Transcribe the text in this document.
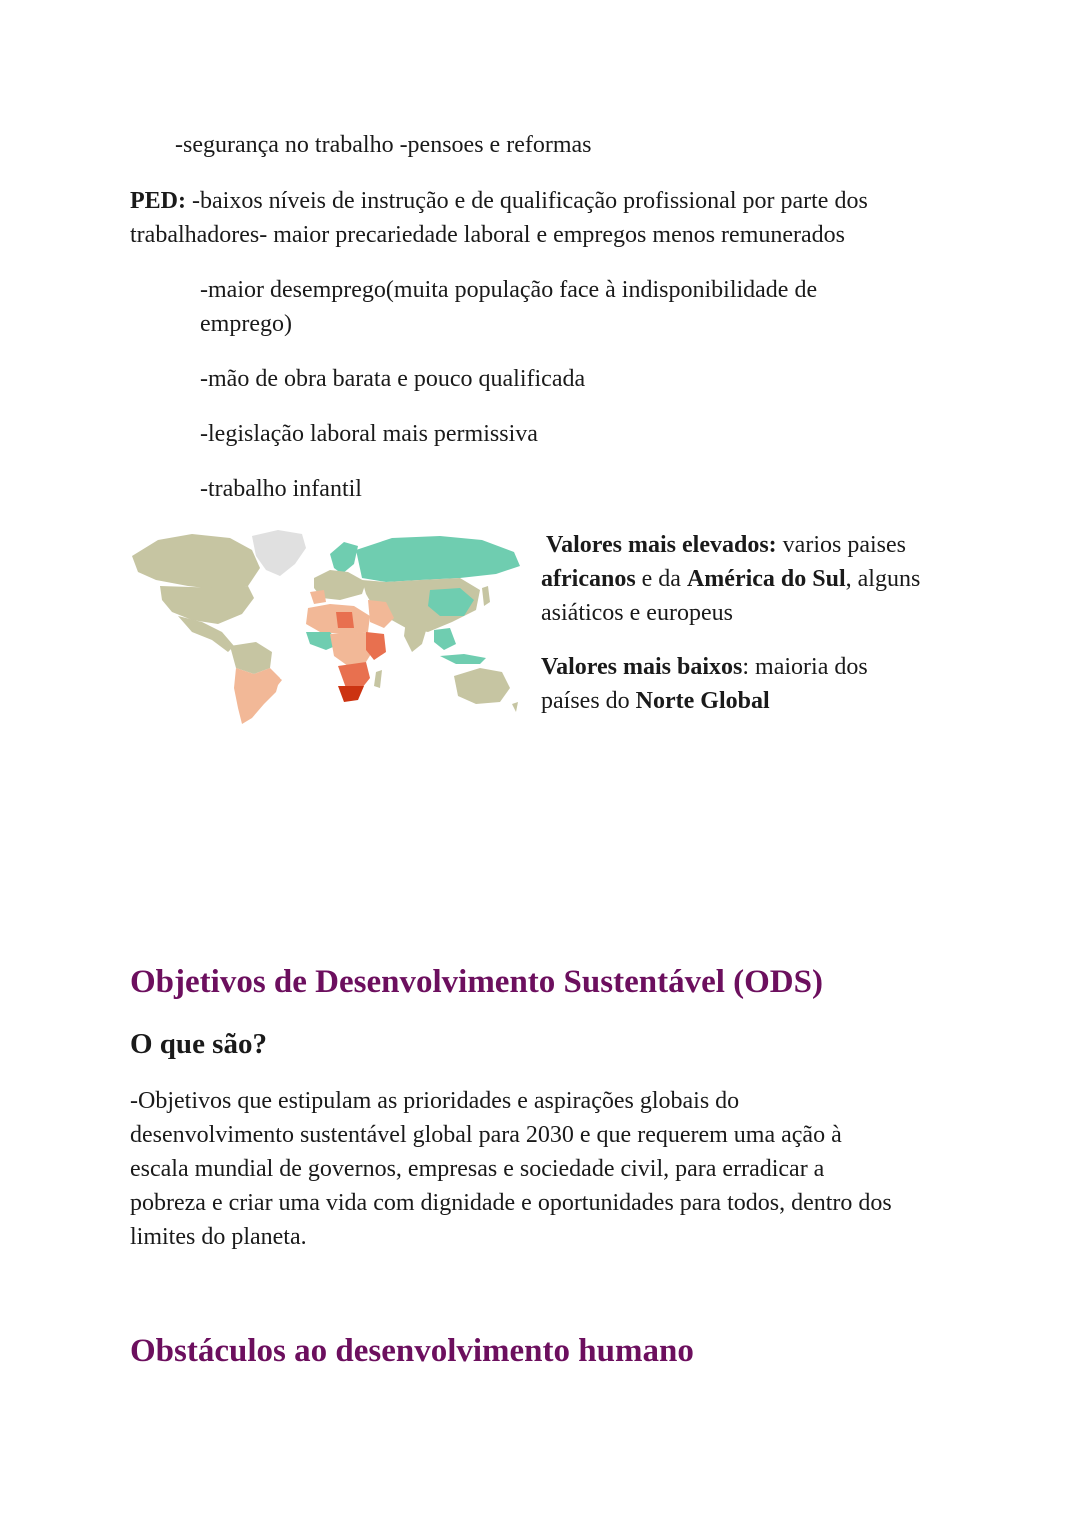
-segurança no trabalho -pensoes e reformas

PED: -baixos níveis de instrução e de qualificação profissional por parte dos

trabalhadores- maior precariedade laboral e empregos menos remunerados

-maior desemprego(muita população face à indisponibilidade de

emprego)

-mão de obra barata e pouco qualificada

-legislação laboral mais permissiva

-trabalho infantil

Valores mais elevados: varios paises

africanos e da América do Sul, alguns

asiáticos e europeus

Valores mais baixos: maioria dos

países do Norte Global

Objetivos de Desenvolvimento Sustentável (ODS)
O que são?

-Objetivos que estipulam as prioridades e aspirações globais do

desenvolvimento sustentável global para 2030 e que requerem uma ação à

escala mundial de governos, empresas e sociedade civil, para erradicar a

pobreza e criar uma vida com dignidade e oportunidades para todos, dentro dos

limites do planeta.

Obstáculos ao desenvolvimento humano
